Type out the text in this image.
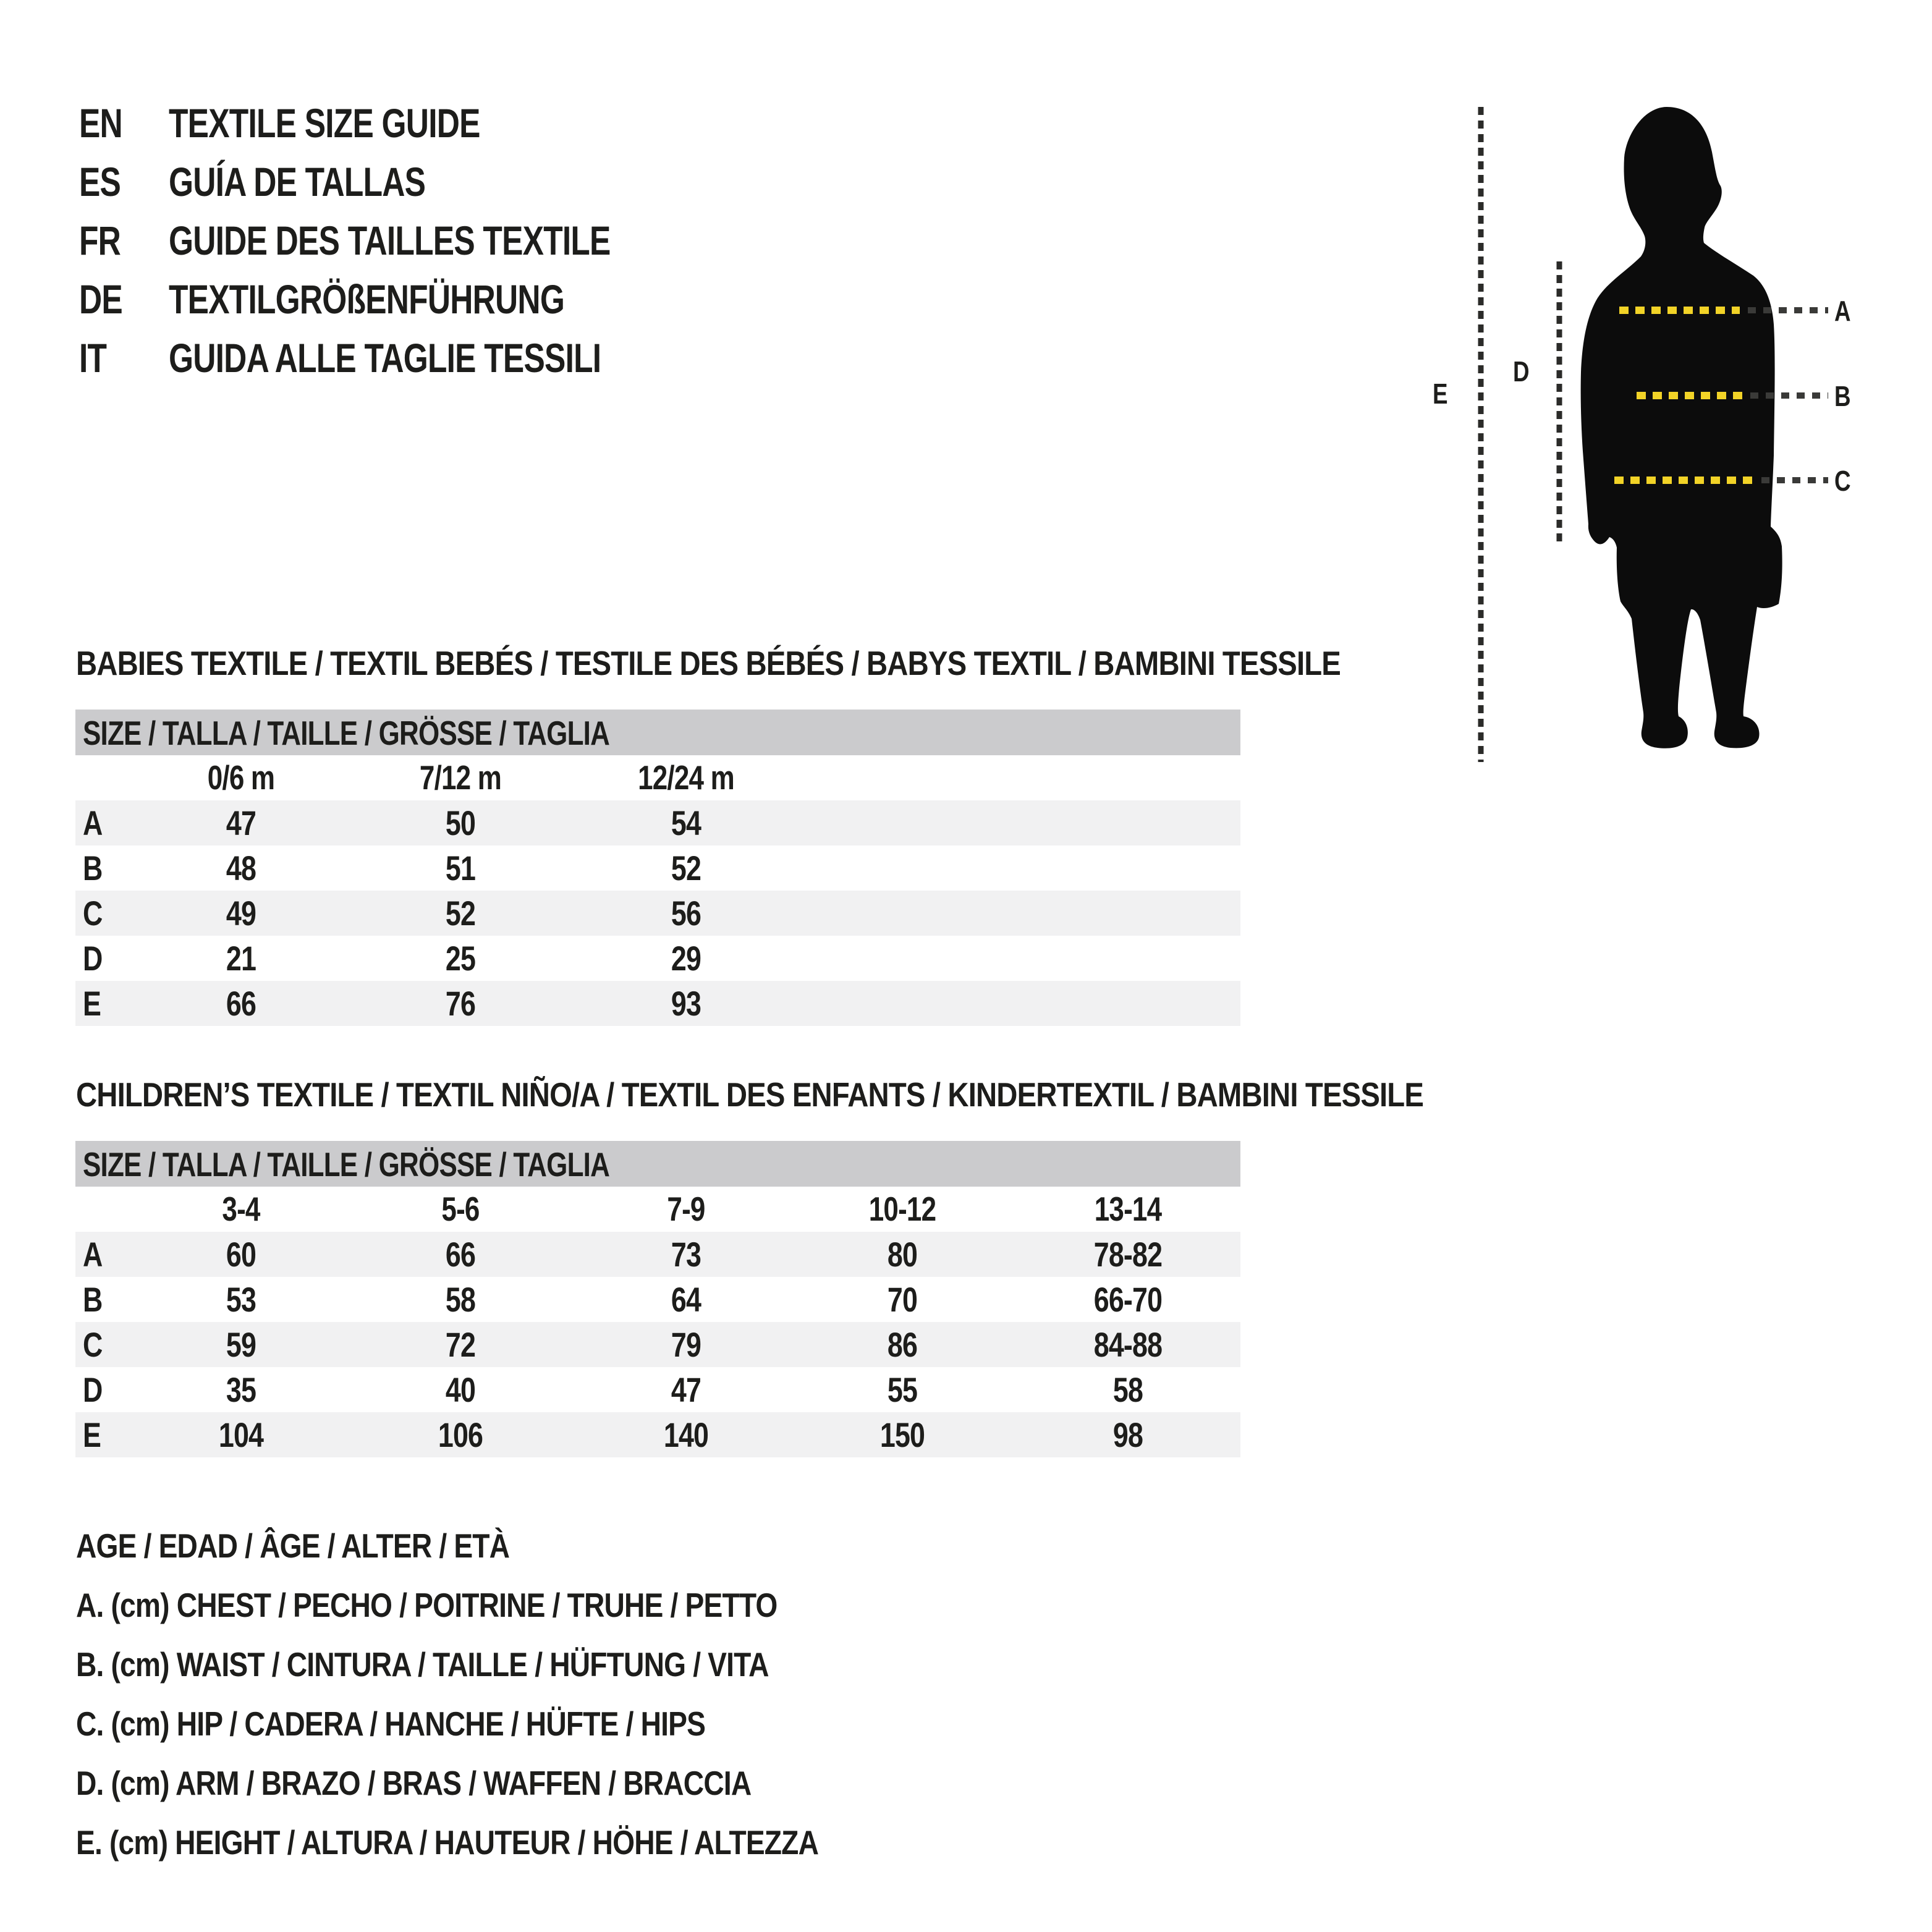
EN TEXTILE SIZE GUIDE
ES GUÍA DE TALLAS
FR GUIDE DES TAILLES TEXTILE
DE TEXTILGRÖßENFÜHRUNG
IT GUIDA ALLE TAGLIE TESSILI
A
B
C
D
E
BABIES TEXTILE / TEXTIL BEBÉS / TESTILE DES BÉBÉS / BABYS TEXTIL / BAMBINI TESSILE
SIZE / TALLA / TAILLE / GRÖSSE / TAGLIA
0/6 m	7/12 m	12/24 m
A	47	50	54
B	48	51	52
C	49	52	56
D	21	25	29
E	66	76	93
CHILDREN’S TEXTILE / TEXTIL NIÑO/A / TEXTIL DES ENFANTS / KINDERTEXTIL / BAMBINI TESSILE
SIZE / TALLA / TAILLE / GRÖSSE / TAGLIA
3-4	5-6	7-9	10-12	13-14
A	60	66	73	80	78-82
B	53	58	64	70	66-70
C	59	72	79	86	84-88
D	35	40	47	55	58
E	104	106	140	150	98
AGE / EDAD / ÂGE / ALTER / ETÀ
A. (cm) CHEST / PECHO / POITRINE / TRUHE / PETTO
B. (cm) WAIST / CINTURA / TAILLE / HÜFTUNG / VITA
C. (cm) HIP / CADERA / HANCHE / HÜFTE / HIPS
D. (cm) ARM / BRAZO / BRAS / WAFFEN / BRACCIA
E. (cm) HEIGHT / ALTURA / HAUTEUR / HÖHE / ALTEZZA
